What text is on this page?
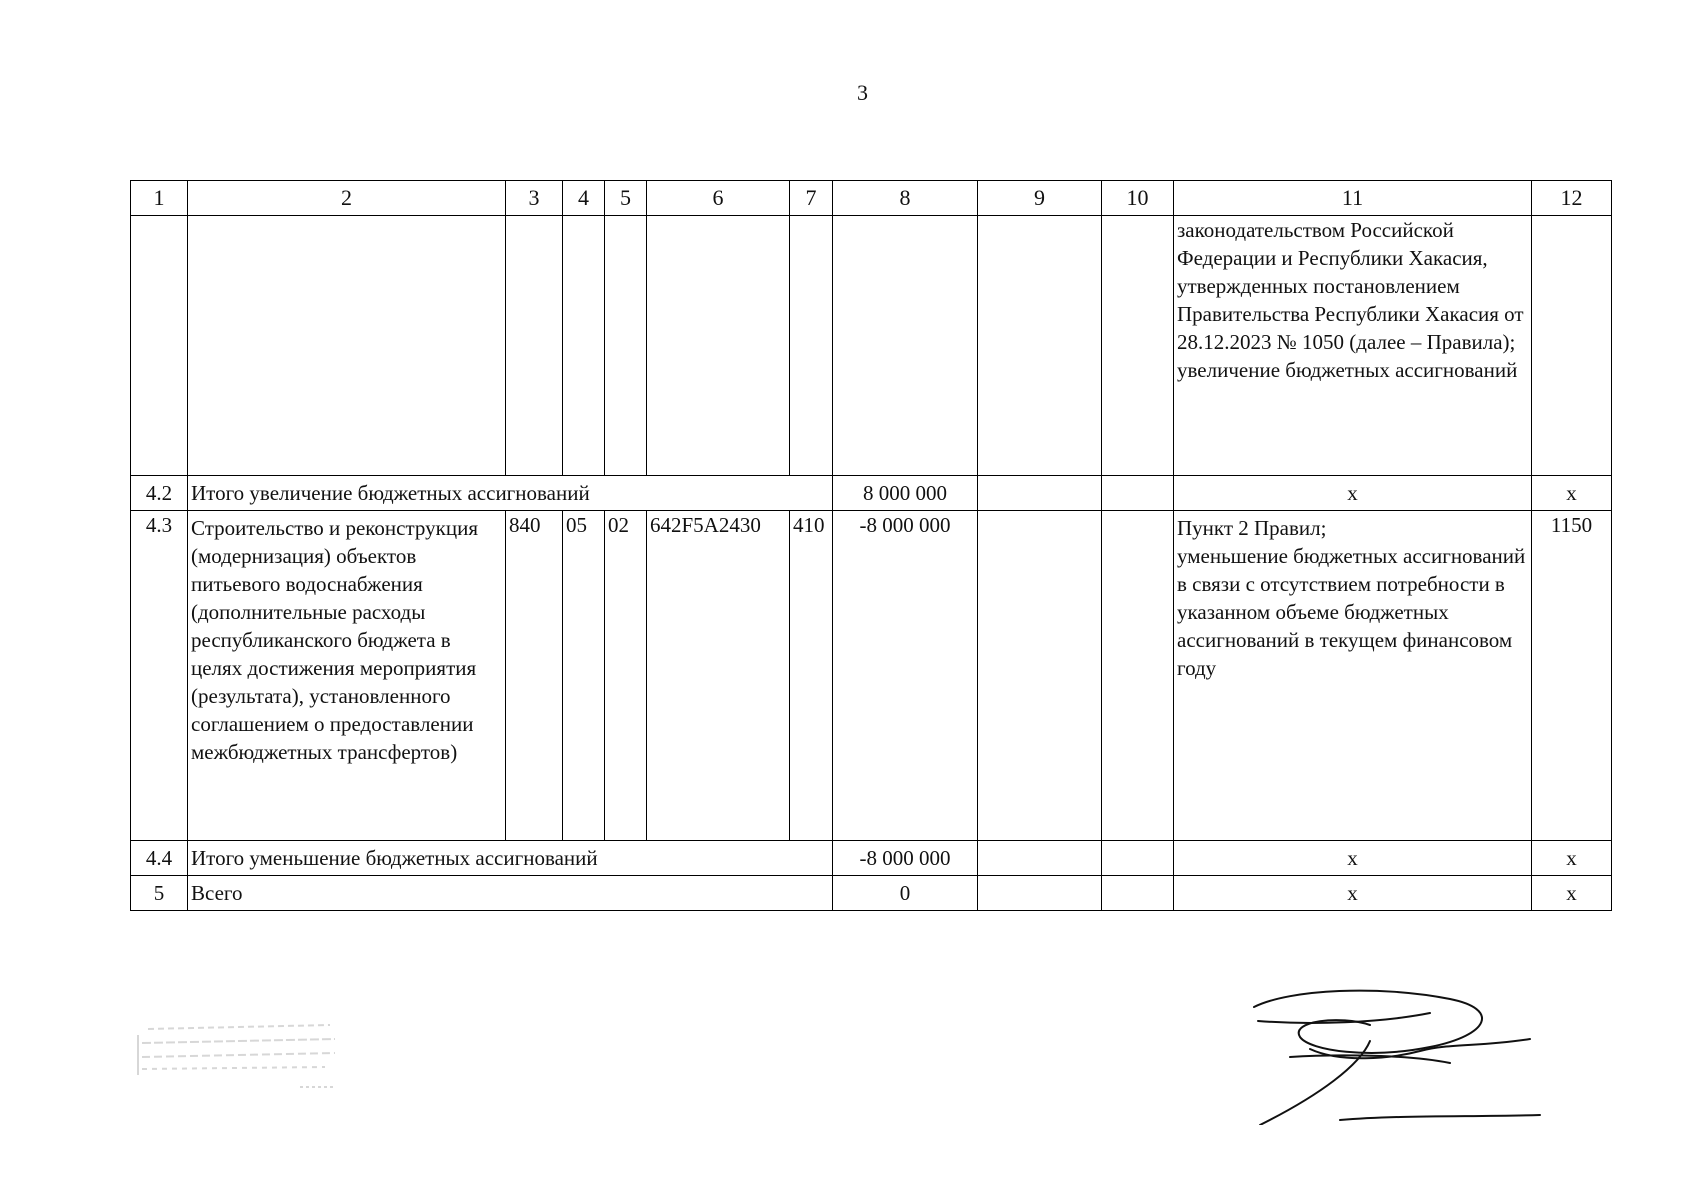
3
1	2	3	4	5	6	7	8	9	10	11	12
										законодательством Российской Федерации и Республики Хакасия, утвержденных постановлением Правительства Республики Хакасия от 28.12.2023 № 1050 (далее – Правила);
увеличение бюджетных ассигнований	
4.2	Итого увеличение бюджетных ассигнований						8 000 000			x	x
4.3	Строительство и реконструкция (модернизация) объектов питьевого водоснабжения (дополнительные расходы республиканского бюджета в целях достижения мероприятия (результата), установленного соглашением о предоставлении межбюджетных трансфертов)	840	05	02	642F5A2430	410	-8 000 000			Пункт 2 Правил;
уменьшение бюджетных ассигнований в связи с отсутствием потребности в указанном объеме бюджетных ассигнований в текущем финансовом году	1150
4.4	Итого уменьшение бюджетных ассигнований						-8 000 000			x	x
5	Всего						0			x	x
